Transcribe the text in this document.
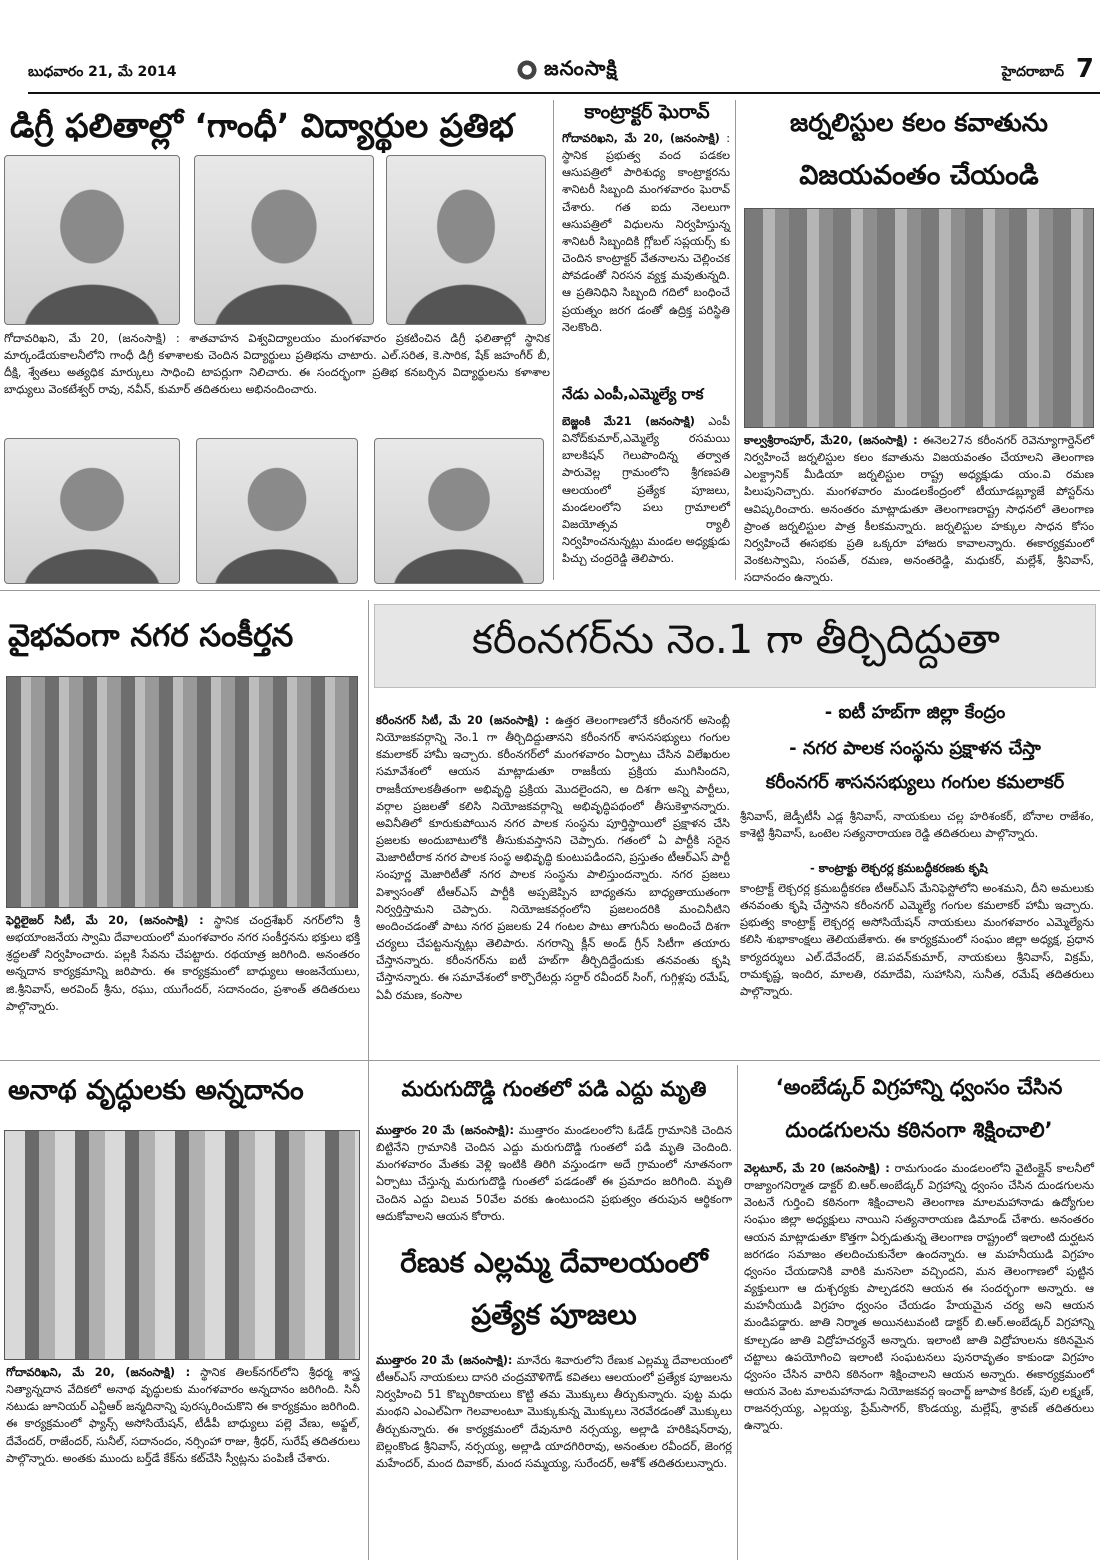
బుధవారం 21, మే 2014	జనంసాక్షి	హైదరాబాద్ 7
డిగ్రీ ఫలితాల్లో ‘గాంధీ’ విద్యార్థుల ప్రతిభ
గోదావరిఖని, మే 20, (జనంసాక్షి) : శాతవాహన విశ్వవిద్యాలయం మంగళవారం ప్రకటించిన డిగ్రీ ఫలితాల్లో స్థానిక మార్కండేయకాలనీలోని గాంధీ డిగ్రీ కళాశాలకు చెందిన విద్యార్థులు ప్రతిభను చాటారు. ఎల్.సరిత, కె.సారిక, షేక్ జహంగీర్ బీ, దీక్షి, శ్వేతలు అత్యధిక మార్కులు సాధించి టాపర్లుగా నిలిచారు. ఈ సందర్భంగా ప్రతిభ కనబర్చిన విద్యార్థులను కళాశాల బాధ్యులు వెంకటేశ్వర్ రావు, నవీన్, కుమార్ తదితరులు అభినందించారు.
కాంట్రాక్టర్ ఘెరావ్
గోదావరిఖని, మే 20, (జనంసాక్షి) : స్థానిక ప్రభుత్వ వంద పడకల ఆసుపత్రిలో పారిశుధ్య కాంట్రాక్టరను శానిటరీ సిబ్బంది మంగళవారం ఘెరావ్ చేశారు. గత ఐదు నెలలుగా ఆసుపత్రిలో విధులను నిర్వహిస్తున్న శానిటరీ సిబ్బందికి గ్లోబల్ సప్లయర్స్ కు చెందిన కాంట్రాక్టర్ వేతనాలను చెల్లించక పోవడంతో నిరసన వ్యక్త మవుతున్నది. ఆ ప్రతినిధిని సిబ్బంది గదిలో బంధించే ప్రయత్నం జరగ డంతో ఉద్రిక్త పరిస్థితి నెలకొంది.
నేడు ఎంపీ,ఎమ్మెల్యే రాక
బెజ్జంకి మే21 (జనంసాక్షి) ఎంపీ వినోద్‌కుమార్,ఎమ్మెల్యే రసమయి బాలకిషన్ గెలుపొందిన్న తర్వాత పారువెల్ల గ్రామంలోని శ్రీగణపతి ఆలయంలో ప్రత్యేక పూజలు, మండలంలోని పలు గ్రామాలలో విజయోత్సవ ర్యాలీ నిర్వహించనున్నట్లు మండల అధ్యక్షుడు పిచ్చు చంద్రరెడ్డి తెలిపారు.
జర్నలిస్టుల కలం కవాతును
విజయవంతం చేయండి
కాల్వశ్రీరాంపూర్, మే20, (జనంసాక్షి) : ఈనెల27న కరీంనగర్ రెవెన్యూగార్డెన్‌లో నిర్వహించే జర్నలిస్టుల కలం కవాతును విజయవంతం చేయాలని తెలంగాణ ఎలక్ట్రానిక్ మీడియా జర్నలిస్టుల రాష్ట్ర అధ్యక్షుడు యం.వి రమణ పిలుపునిచ్చారు. మంగళవారం మండలకేంద్రంలో టీయూడబ్ల్యూజే పోస్టర్‌ను ఆవిష్కరించారు. అనంతరం మాట్లాడుతూ తెలంగాణరాష్ట్ర సాధనలో తెలంగాణ ప్రాంత జర్నలిస్టుల పాత్ర కీలకమన్నారు. జర్నలిస్టుల హక్కుల సాధన కోసం నిర్వహించే ఈసభకు ప్రతి ఒక్కరూ హాజరు కావాలన్నారు. ఈకార్యక్రమంలో వెంకటస్వామి, సంపత్, రమణ, అనంతరెడ్డి, మధుకర్, మల్లేశ్, శ్రీనివాస్, సదానందం ఉన్నారు.
వైభవంగా నగర సంకీర్తన
ఫెర్టిలైజర్ సిటీ, మే 20, (జనంసాక్షి) : స్థానిక చంద్రశేఖర్ నగర్‌లోని శ్రీ అభయాంజనేయ స్వామి దేవాలయంలో మంగళవారం నగర సంకీర్తనను భక్తులు భక్తి శ్రద్ధలతో నిర్వహించారు. పల్లకి సేవను చేపట్టారు. రథయాత్ర జరిగింది. అనంతరం అన్నదాన కార్యక్రమాన్ని జరిపారు. ఈ కార్యక్రమంలో బాధ్యులు ఆంజనేయులు, జి.శ్రీనివాస్, అరవింద్ శ్రీను, రఘు, యుగేందర్, సదానందం, ప్రశాంత్ తదితరులు పాల్గొన్నారు.
కరీంనగర్‌ను నెం.1 గా తీర్చిదిద్దుతా
- ఐటీ హబ్‌గా జిల్లా కేంద్రం
- నగర పాలక సంస్థను ప్రక్షాళన చేస్తా
కరీంనగర్ శాసనసభ్యులు గంగుల కమలాకర్
కరీంనగర్ సిటీ, మే 20 (జనంసాక్షి) : ఉత్తర తెలంగాణలోనే కరీంనగర్ అసెంబ్లీ నియోజకవర్గాన్ని నెం.1 గా తీర్చిదిద్దుతానని కరీంనగర్ శాసనసభ్యులు గంగుల కమలాకర్ హామీ ఇచ్చారు. కరీంనగర్‌లో మంగళవారం ఏర్పాటు చేసిన విలేఖరుల సమావేశంలో ఆయన మాట్లాడుతూ రాజకీయ ప్రక్రియ ముగిసిందని, రాజకీయాలకతీతంగా అభివృద్ధి ప్రక్రియ మొదలైందని, అ దిశగా అన్ని పార్టీలు, వర్గాల ప్రజలతో కలిసి నియోజకవర్గాన్ని అభివృద్ధిపథంలో తీసుకెళ్తానన్నారు. అవినీతిలో కూరుకుపోయిన నగర పాలక సంస్థను పూర్తిస్థాయిలో ప్రక్షాళన చేసి ప్రజలకు అందుబాటులోకి తీసుకువస్తానని చెప్పారు. గతంలో ఏ పార్టీకి సరైన మెజారిటీరాక నగర పాలక సంస్థ అభివృద్ధి కుంటుపడిందని, ప్రస్తుతం టీఆర్ఎస్ పార్టీ సంపూర్ణ మెజారిటీతో నగర పాలక సంస్థను పాలిస్తుందన్నారు. నగర ప్రజలు విశ్వాసంతో టీఆర్ఎస్ పార్టీకి అప్పజెప్పిన బాధ్యతను బాధ్యతాయుతంగా నిర్వర్తిస్తామని చెప్పారు. నియోజకవర్గంలోని ప్రజలందరికి మంచినీటిని అందించడంతో పాటు నగర ప్రజలకు 24 గంటల పాటు తాగునీరు అందించే దిశగా చర్యలు చేపట్టనున్నట్లు తెలిపారు. నగరాన్ని క్లీన్ అండ్ గ్రీన్ సిటీగా తయారు చేస్తానన్నారు. కరీంనగర్‌ను ఐటీ హబ్‌గా తీర్చిదిద్దేందుకు తనవంతు కృషి చేస్తానన్నారు. ఈ సమావేశంలో కార్పొరేటర్లు సర్దార్ రవీందర్ సింగ్, గుగ్గిళ్లపు రమేష్, ఏవీ రమణ, కంసాల
శ్రీనివాస్, జెడ్పీటీసీ ఎడ్ల శ్రీనివాస్, నాయకులు చల్ల హరిశంకర్, బోనాల రాజేశం, కాశెట్టి శ్రీనివాస్, ఒంటెల సత్యనారాయణ రెడ్డి తదితరులు పాల్గొన్నారు.
- కాంట్రాక్టు లెక్చరర్ల క్రమబద్ధీకరణకు కృషి
కాంట్రాక్ట్ లెక్చరర్ల క్రమబద్ధీకరణ టీఆర్ఎస్ మేనిఫెస్టోలోని అంశమని, దీని అమలుకు తనవంతు కృషి చేస్తానని కరీంనగర్ ఎమ్మెల్యే గంగుల కమలాకర్ హామీ ఇచ్చారు. ప్రభుత్వ కాంట్రాక్ట్ లెక్చరర్ల అసోసియేషన్ నాయకులు మంగళవారం ఎమ్మెల్యేను కలిసి శుభాకాంక్షలు తెలియజేశారు. ఈ కార్యక్రమంలో సంఘం జిల్లా అధ్యక్ష, ప్రధాన కార్యదర్శులు ఎల్.దేవేందర్, జె.పవన్‌కుమార్, నాయకులు శ్రీనివాస్, విక్రమ్, రామకృష్ణ, ఇందిర, మాలతి, రమాదేవి, సుహాసిని, సునీత, రమేష్ తదితరులు పాల్గొన్నారు.
అనాథ వృద్ధులకు అన్నదానం
గోదావరిఖని, మే 20, (జనంసాక్షి) : స్థానిక తిలక్‌నగర్‌లోని శ్రీధర్మ శాస్త్ర నిత్యాన్నదాన వేదికలో అనాథ వృద్ధులకు మంగళవారం అన్నదానం జరిగింది. సినీ నటుడు జూనియర్ ఎన్టీఆర్ జన్మదినాన్ని పురస్కరించుకొని ఈ కార్యక్రమం జరిగింది. ఈ కార్యక్రమంలో ఫ్యాన్స్ అసోసియేషన్, టీడీపీ బాధ్యులు పల్లె వేణు, అఫ్జల్, దేవేందర్, రాజేందర్, సునీల్, సదానందం, నర్సింహా రాజు, శ్రీధర్, సురేష్ తదితరులు పాల్గొన్నారు. అంతకు ముందు బర్త్‌డే కేక్‌ను కట్‌చేసి స్వీట్లను పంపిణీ చేశారు.
మరుగుదొడ్డి గుంతలో పడి ఎద్దు మృతి
ముత్తారం 20 మే (జనంసాక్షి): ముత్తారం మండలంలోని ఓడేడ్ గ్రామానికి చెందిన బిట్టినేని గ్రామానికి చెందిన ఎద్దు మరుగుదొడ్డి గుంతలో పడి మృతి చెందింది. మంగళవారం మేతకు వెళ్లి ఇంటికి తిరిగి వస్తుండగా అదే గ్రామంలో నూతనంగా ఏర్పాటు చేస్తున్న మరుగుదొడ్డి గుంతలో పడడంతో ఈ ప్రమాదం జరిగింది. మృతి చెందిన ఎద్దు విలువ 50వేల వరకు ఉంటుందని ప్రభుత్వం తరుపున ఆర్థికంగా ఆదుకోవాలని ఆయన కోరారు.
రేణుక ఎల్లమ్మ దేవాలయంలో
ప్రత్యేక పూజలు
ముత్తారం 20 మే (జనంసాక్షి): మానేరు శివారులోని రేణుక ఎల్లమ్మ దేవాలయంలో టీఆర్ఎస్ నాయకులు దాసరి చంద్రమౌళిగౌడ్ కవితలు ఆలయంలో ప్రత్యేక పూజలను నిర్వహించి 51 కొబ్బరికాయలు కొట్టి తమ మొక్కులు తీర్చుకున్నారు. పుట్ట మధు మంథని ఎంఎల్ఏగా గెలవాలంటూ మొక్కుకున్న మొక్కులు నెరవేరడంతో మొక్కులు తీర్చుకున్నారు. ఈ కార్యక్రమంలో దేవునూరి నర్సయ్య, అల్లాడి హరికిషన్‌రావు, బెల్లంకొండ శ్రీనివాస్, నర్సయ్య, అల్లాడి యాదగిరిరావు, అనంతుల రవీందర్, జెంగర్ల మహేందర్, మంద దివాకర్, మంద సమ్మయ్య, సురేందర్, అశోక్ తదితరులున్నారు.
‘అంబేడ్కర్ విగ్రహాన్ని ధ్వంసం చేసిన
దుండగులను కఠినంగా శిక్షించాలి’
వెల్గటూర్, మే 20 (జనంసాక్షి) : రామగుండం మండలంలోని వైటింక్లైన్ కాలనీలో రాజ్యాంగనిర్మాత డాక్టర్ బి.ఆర్.అంబేడ్కర్ విగ్రహాన్ని ధ్వంసం చేసిన దుండగులను వెంటనే గుర్తించి కఠినంగా శిక్షించాలని తెలంగాణ మాలమహానాడు ఉద్యోగుల సంఘం జిల్లా అధ్యక్షులు నాయిని సత్యనారాయణ డిమాండ్ చేశారు. అనంతరం ఆయన మాట్లాడుతూ కొత్తగా ఏర్పడుతున్న తెలంగాణ రాష్ట్రంలో ఇలాంటి దుర్ఘటన జరగడం సమాజం తలదించుకునేలా ఉందన్నారు. ఆ మహనీయుడి విగ్రహం ధ్వంసం చేయడానికి వారికి మనసెలా వచ్చిందని, మన తెలంగాణలో పుట్టిన వ్యక్తులుగా ఆ దుశ్చర్యకు పాల్పడరని ఆయన ఈ సందర్భంగా అన్నారు. ఆ మహనీయుడి విగ్రహం ధ్వంసం చేయడం హేయమైన చర్య అని ఆయన మండిపడ్డారు. జాతి నిర్మాత అయినటువంటి డాక్టర్ బి.ఆర్.అంబేడ్కర్ విగ్రహాన్ని కూల్చడం జాతి విద్రోహచర్యనే అన్నారు. ఇలాంటి జాతి విద్రోహులను కఠినమైన చట్టాలు ఉపయోగించి ఇలాంటి సంఘటనలు పునరావృతం కాకుండా విగ్రహం ధ్వంసం చేసిన వారిని కఠినంగా శిక్షించాలని ఆయన అన్నారు. ఈకార్యక్రమంలో ఆయన వెంట మాలమహానాడు నియోజకవర్గ ఇంచార్జ్ జూపాక కిరణ్, పులి లక్ష్మణ్, రాజనర్సయ్య, ఎల్లయ్య, ప్రేమ్‌సాగర్, కొండయ్య, మల్లేష్, శ్రావణ్ తదితరులు ఉన్నారు.
